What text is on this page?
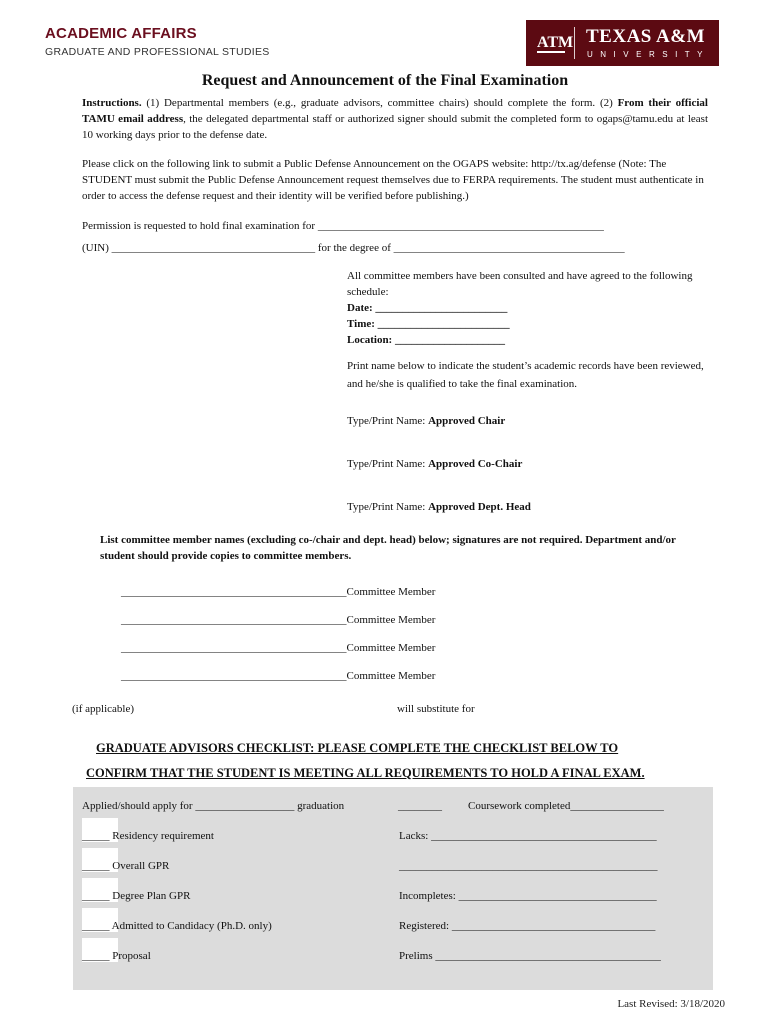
ACADEMIC AFFAIRS
GRADUATE AND PROFESSIONAL STUDIES
ATM TEXAS A&M
UNIVERSITY
Request and Announcement of the Final Examination
Instructions. (1) Departmental members (e.g., graduate advisors, committee chairs) should complete the form. (2) From their official TAMU email address, the delegated departmental staff or authorized signer should submit the completed form to ogaps@tamu.edu at least 10 working days prior to the defense date.
Please click on the following link to submit a Public Defense Announcement on the OGAPS website: http://tx.ag/defense (Note: The STUDENT must submit the Public Defense Announcement request themselves due to FERPA requirements. The student must authenticate in order to access the defense request and their identity will be verified before publishing.)
Permission is requested to hold final examination for ____________________________________________________
(UIN) _____________________________________ for the degree of __________________________________________
All committee members have been consulted and have agreed to the following schedule:
Date: ________________________
Time: ________________________
Location: ____________________
Print name below to indicate the student’s academic records have been reviewed, and he/she is qualified to take the final examination.
Type/Print Name: Approved Chair
Type/Print Name: Approved Co-Chair
Type/Print Name: Approved Dept. Head
List committee member names (excluding co-/chair and dept. head) below; signatures are not required. Department and/or student should provide copies to committee members.
_________________________________________Committee Member
_________________________________________Committee Member
_________________________________________Committee Member
_________________________________________Committee Member
(if applicable)	will substitute for
GRADUATE ADVISORS CHECKLIST: PLEASE COMPLETE THE CHECKLIST BELOW TO
CONFIRM THAT THE STUDENT IS MEETING ALL REQUIREMENTS TO HOLD A FINAL EXAM.
Applied/should apply for __________________ graduation	________ Coursework completed_________________
_____ Residency requirement
_____ Overall GPR
_____ Degree Plan GPR
_____ Admitted to Candidacy (Ph.D. only)
_____ Proposal
Lacks: _________________________________________
_______________________________________________
Incompletes: ____________________________________
Registered: _____________________________________
Prelims _________________________________________
Last Revised: 3/18/2020
